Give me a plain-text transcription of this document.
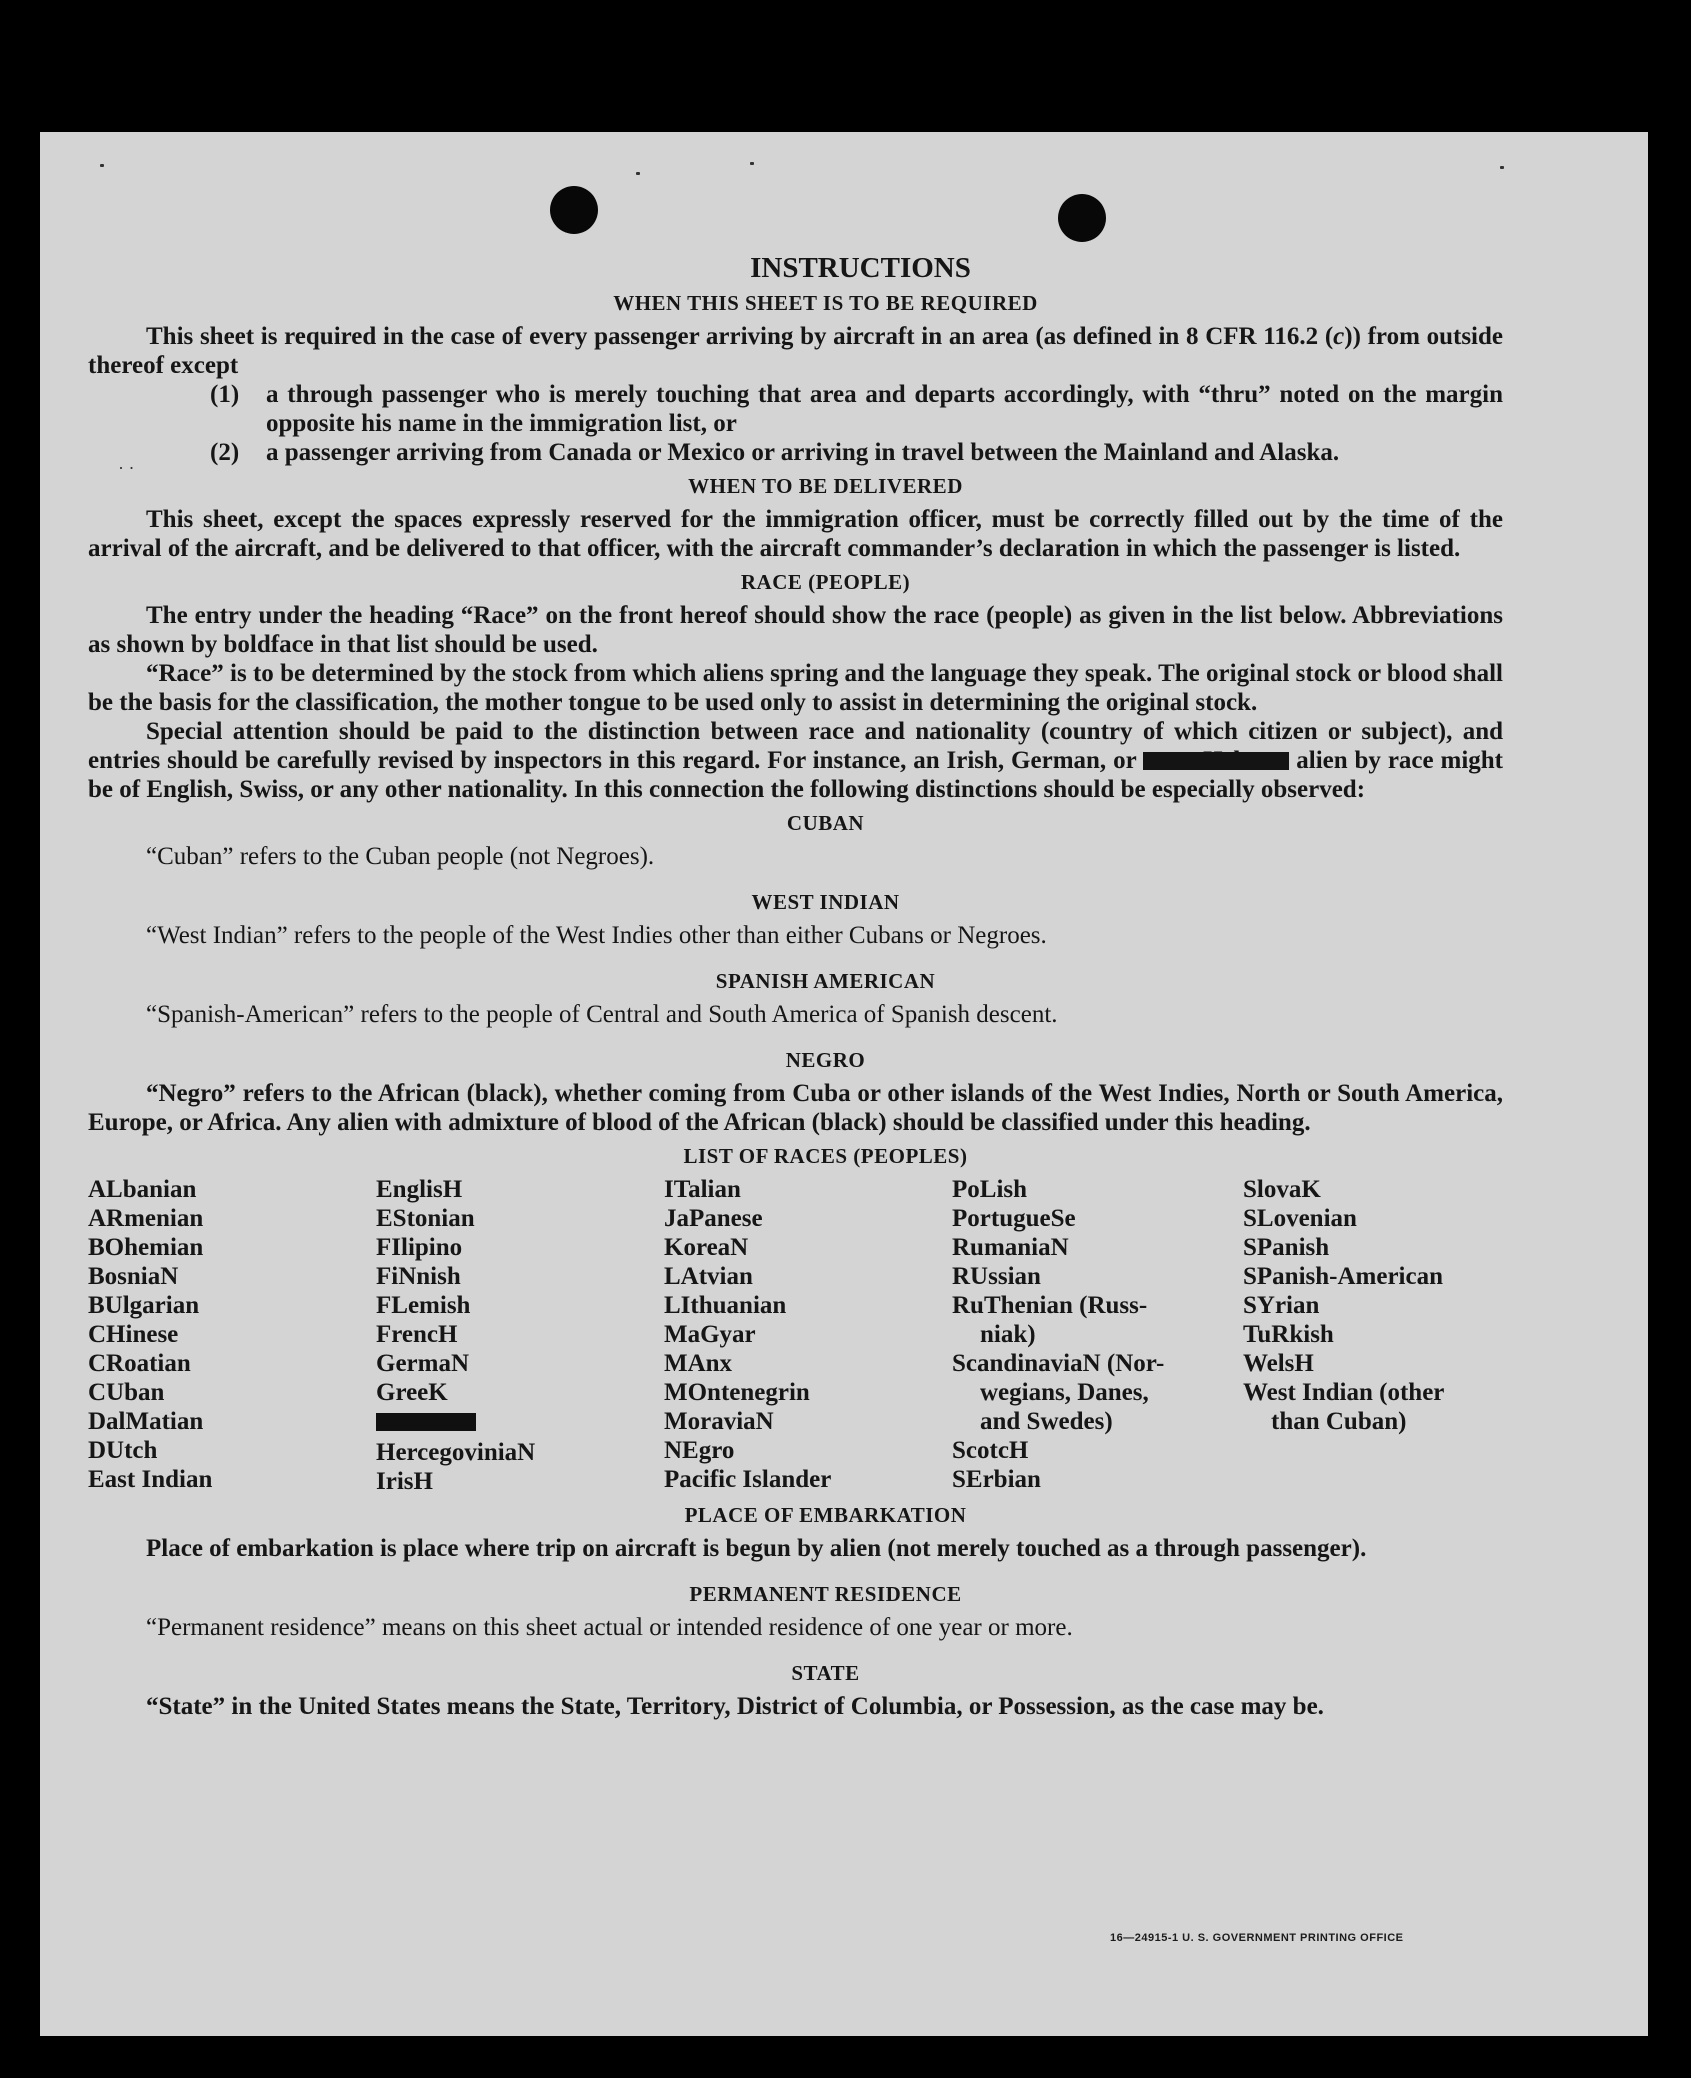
· ·
INSTRUCTIONS
WHEN THIS SHEET IS TO BE REQUIRED

This sheet is required in the case of every passenger arriving by aircraft in an area (as defined in 8 CFR 116.2 (c)) from outside thereof except

(1)	a through passenger who is merely touching that area and departs accordingly, with “thru” noted on the margin opposite his name in the immigration list, or
(2)	a passenger arriving from Canada or Mexico or arriving in travel between the Mainland and Alaska.
WHEN TO BE DELIVERED

This sheet, except the spaces expressly reserved for the immigration officer, must be correctly filled out by the time of the arrival of the aircraft, and be delivered to that officer, with the aircraft commander’s declaration in which the passenger is listed.

RACE (PEOPLE)

The entry under the heading “Race” on the front hereof should show the race (people) as given in the list below. Abbreviations as shown by boldface in that list should be used.

“Race” is to be determined by the stock from which aliens spring and the language they speak. The original stock or blood shall be the basis for the classification, the mother tongue to be used only to assist in determining the original stock.

Special attention should be paid to the distinction between race and nationality (country of which citizen or subject), and entries should be carefully revised by inspectors in this regard. For instance, an Irish, German, or Hebrew alien by race might be of English, Swiss, or any other nationality. In this connection the following distinctions should be especially observed:

CUBAN

“Cuban” refers to the Cuban people (not Negroes).

WEST INDIAN

“West Indian” refers to the people of the West Indies other than either Cubans or Negroes.

SPANISH AMERICAN

“Spanish-American” refers to the people of Central and South America of Spanish descent.

NEGRO

“Negro” refers to the African (black), whether coming from Cuba or other islands of the West Indies, North or South America, Europe, or Africa. Any alien with admixture of blood of the African (black) should be classified under this heading.

LIST OF RACES (PEOPLES)
ALbanian
ARmenian
BOhemian
BosniaN
BUlgarian
CHinese
CRoatian
CUban
DalMatian
DUtch
East Indian
EnglisH
EStonian
FIlipino
FiNnish
FLemish
FrencH
GermaN
GreeK
HercegoviniaN
IrisH
ITalian
JaPanese
KoreaN
LAtvian
LIthuanian
MaGyar
MAnx
MOntenegrin
MoraviaN
NEgro
Pacific Islander
PoLish
PortugueSe
RumaniaN
RUssian
RuThenian (Russ-
niak)
ScandinaviaN (Nor-
wegians, Danes,
and Swedes)
ScotcH
SErbian
SlovaK
SLovenian
SPanish
SPanish-American
SYrian
TuRkish
WelsH
West Indian (other
than Cuban)
PLACE OF EMBARKATION

Place of embarkation is place where trip on aircraft is begun by alien (not merely touched as a through passenger).

PERMANENT RESIDENCE

“Permanent residence” means on this sheet actual or intended residence of one year or more.

STATE

“State” in the United States means the State, Territory, District of Columbia, or Possession, as the case may be.

16—24915-1 U. S. GOVERNMENT PRINTING OFFICE
